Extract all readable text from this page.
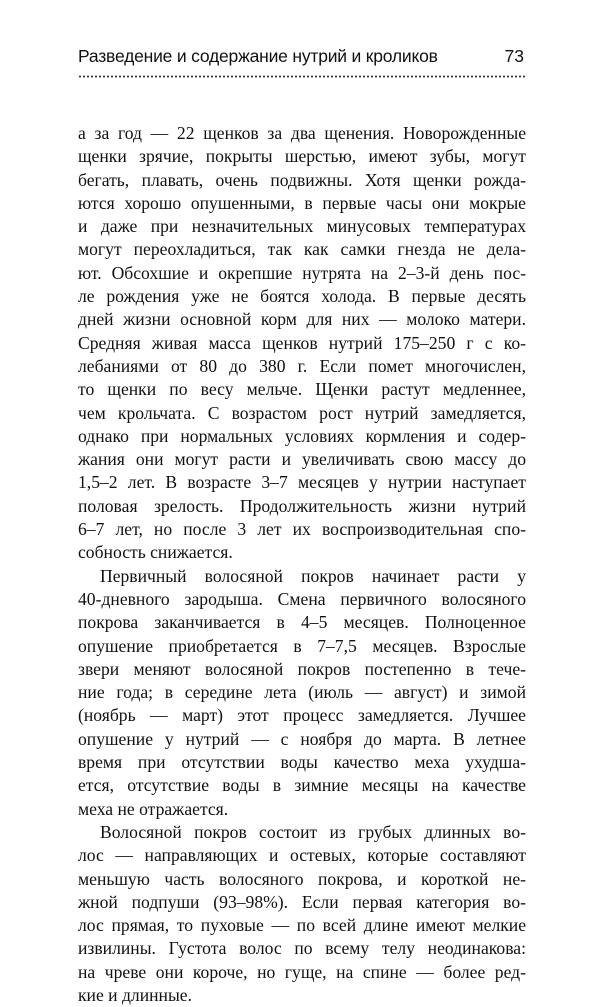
Разведение и содержание нутрий и кроликов	73
а за год — 22 щенков за два щенения. Новорожденные
щенки зрячие, покрыты шерстью, имеют зубы, могут
бегать, плавать, очень подвижны. Хотя щенки рожда-
ются хорошо опушенными, в первые часы они мокрые
и даже при незначительных минусовых температурах
могут переохладиться, так как самки гнезда не дела-
ют. Обсохшие и окрепшие нутрята на 2–3-й день пос-
ле рождения уже не боятся холода. В первые десять
дней жизни основной корм для них — молоко матери.
Средняя живая масса щенков нутрий 175–250 г с ко-
лебаниями от 80 до 380 г. Если помет многочислен,
то щенки по весу мельче. Щенки растут медленнее,
чем крольчата. С возрастом рост нутрий замедляется,
однако при нормальных условиях кормления и содер-
жания они могут расти и увеличивать свою массу до
1,5–2 лет. В возрасте 3–7 месяцев у нутрии наступает
половая зрелость. Продолжительность жизни нутрий
6–7 лет, но после 3 лет их воспроизводительная спо-
собность снижается.
Первичный волосяной покров начинает расти у
40-дневного зародыша. Смена первичного волосяного
покрова заканчивается в 4–5 месяцев. Полноценное
опушение приобретается в 7–7,5 месяцев. Взрослые
звери меняют волосяной покров постепенно в тече-
ние года; в середине лета (июль — август) и зимой
(ноябрь — март) этот процесс замедляется. Лучшее
опушение у нутрий — с ноября до марта. В летнее
время при отсутствии воды качество меха ухудша-
ется, отсутствие воды в зимние месяцы на качестве
меха не отражается.
Волосяной покров состоит из грубых длинных во-
лос — направляющих и остевых, которые составляют
меньшую часть волосяного покрова, и короткой не-
жной подпуши (93–98%). Если первая категория во-
лос прямая, то пуховые — по всей длине имеют мелкие
извилины. Густота волос по всему телу неодинакова:
на чреве они короче, но гуще, на спине — более ред-
кие и длинные.
